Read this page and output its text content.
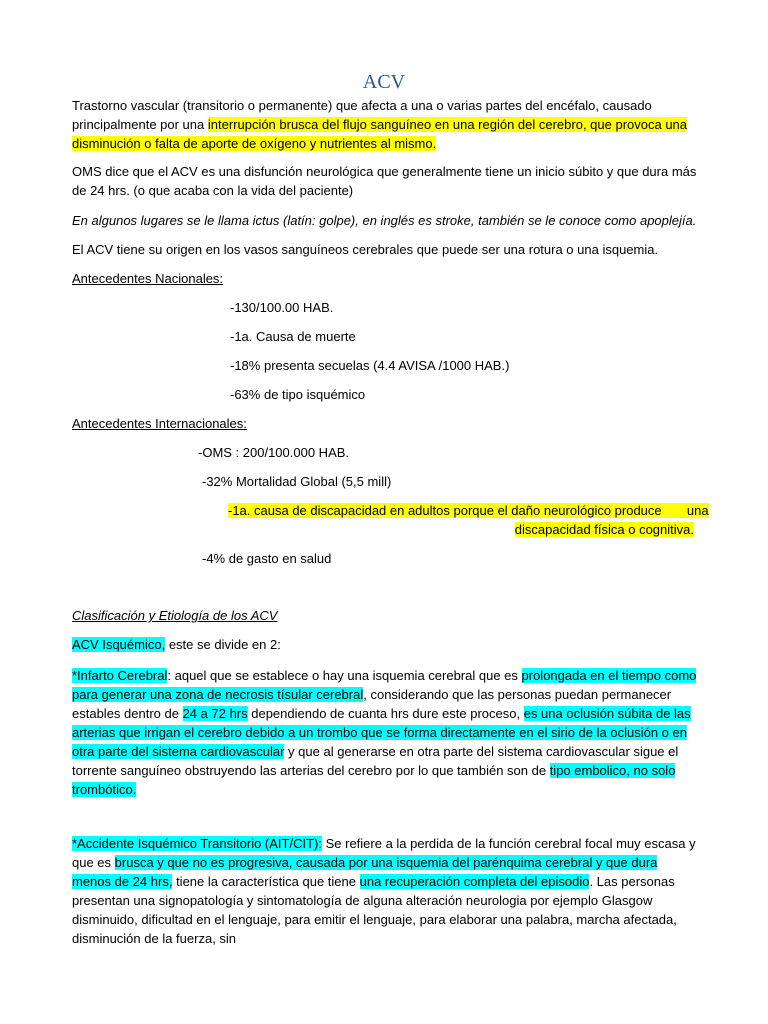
ACV
Trastorno vascular (transitorio o permanente) que afecta a una o varias partes del encéfalo, causado principalmente por una interrupción brusca del flujo sanguíneo en una región del cerebro, que provoca una disminución o falta de aporte de oxígeno y nutrientes al mismo.
OMS dice que el ACV es una disfunción neurológica que generalmente tiene un inicio súbito y que dura más de 24 hrs. (o que acaba con la vida del paciente)
En algunos lugares se le llama ictus (latín: golpe), en inglés es stroke, también se le conoce como apoplejía.
El ACV tiene su origen en los vasos sanguíneos cerebrales que puede ser una rotura o una isquemia.
Antecedentes Nacionales:
-130/100.00 HAB.
-1a. Causa de muerte
-18% presenta secuelas (4.4 AVISA /1000 HAB.)
-63% de tipo isquémico
Antecedentes Internacionales:
-OMS : 200/100.000 HAB.
-32% Mortalidad Global (5,5 mill)
-1a. causa de discapacidad en adultos porque el daño neurológico produce       una
discapacidad física o cognitiva.
-4% de gasto en salud
Clasificación y Etiología de los ACV
ACV Isquémico, este se divide en 2:
*Infarto Cerebral: aquel que se establece o hay una isquemia cerebral que es prolongada en el tiempo como para generar una zona de necrosis tísular cerebral, considerando que las personas puedan permanecer estables dentro de 24 a 72 hrs dependiendo de cuanta hrs dure este proceso, es una oclusión súbita de las arterias que irrigan el cerebro debido a un trombo que se forma directamente en el sirio de la oclusión o en otra parte del sistema cardiovascular y que al generarse en otra parte del sistema cardiovascular sigue el torrente sanguíneo obstruyendo las arterias del cerebro por lo que también son de tipo embolico, no solo trombótico.
*Accidente Isquémico Transitorio (AIT/CIT): Se refiere a la perdida de la función cerebral focal muy escasa y que es brusca y que no es progresiva, causada por una isquemia del parénquima cerebral y que dura menos de 24 hrs, tiene la característica que tiene una recuperación completa del episodio. Las personas presentan una signopatología y sintomatología de alguna alteración neurologia por ejemplo Glasgow disminuido, dificultad en el lenguaje, para emitir el lenguaje, para elaborar una palabra, marcha afectada, disminución de la fuerza, sin
